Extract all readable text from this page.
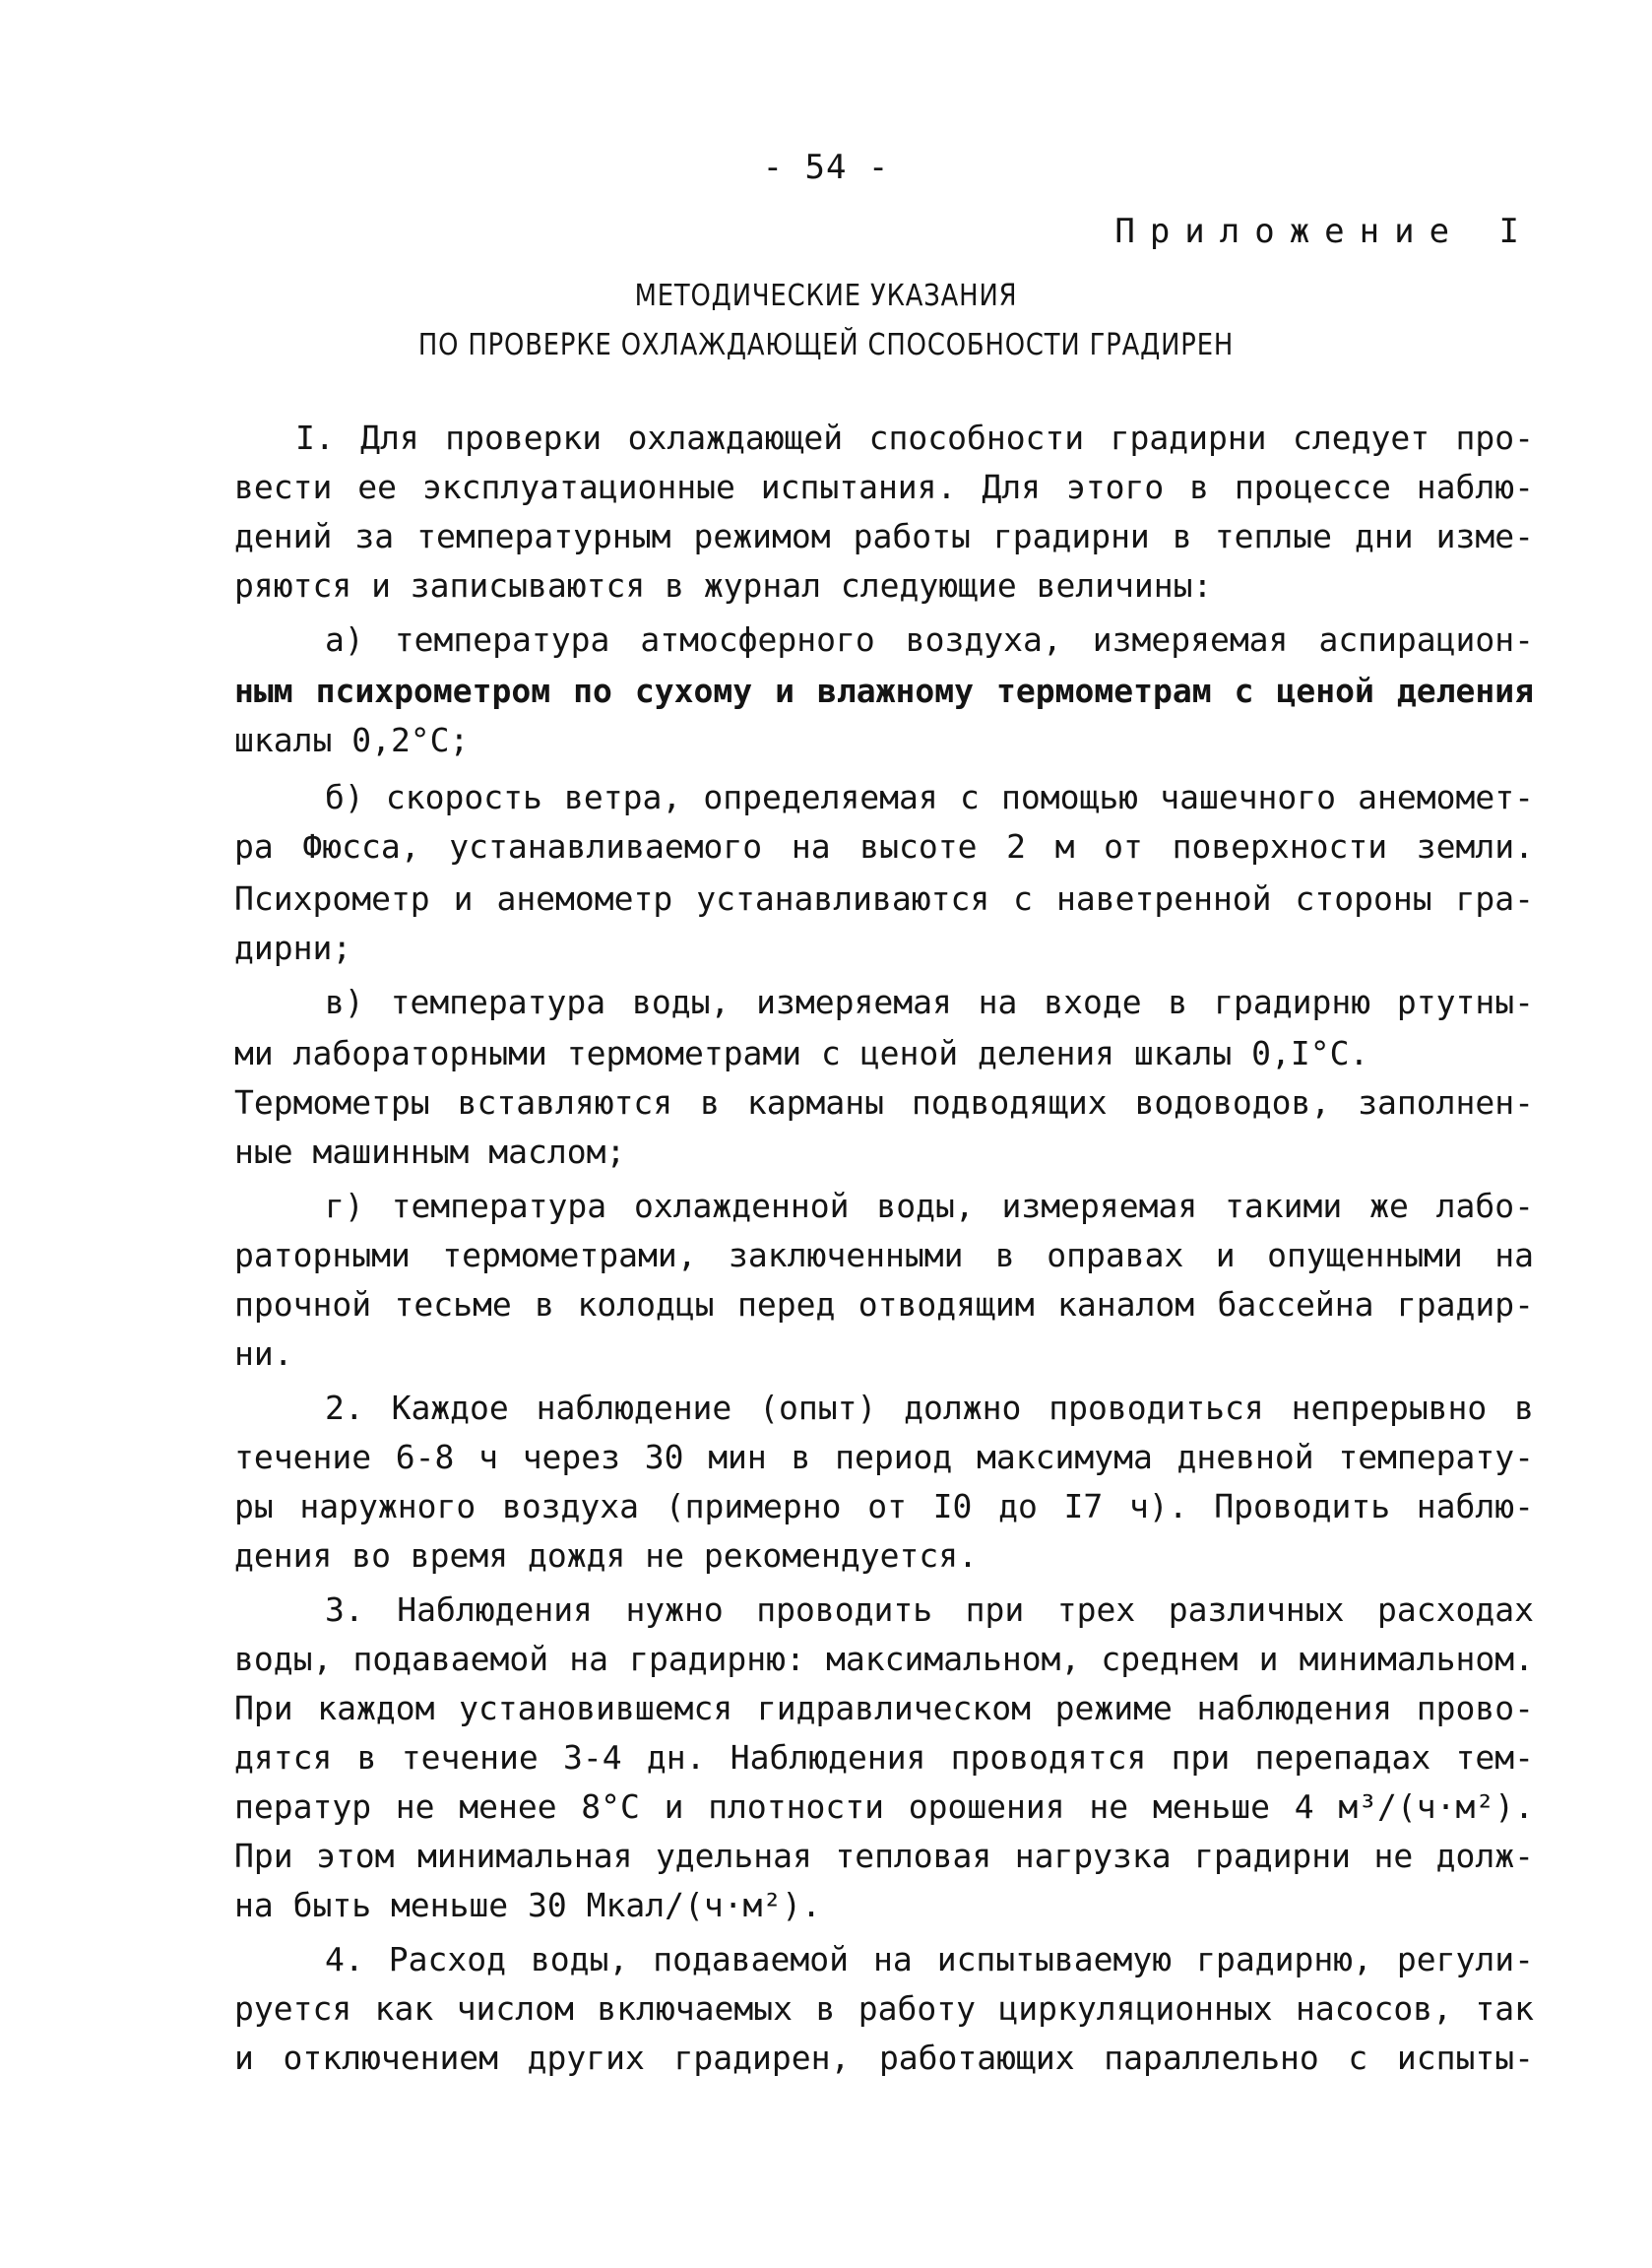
- 54 -
Приложение I
МЕТОДИЧЕСКИЕ УКАЗАНИЯ
ПО ПРОВЕРКЕ ОХЛАЖДАЮЩЕЙ СПОСОБНОСТИ ГРАДИРЕН
I. Для проверки охлаждающей способности градирни следует про-
вести ее эксплуатационные испытания. Для этого в процессе наблю-
дений за температурным режимом работы градирни в теплые дни изме-
ряются и записываются в журнал следующие величины:
а) температура атмосферного воздуха, измеряемая аспирацион-
ным психрометром по сухому и влажному термометрам с ценой деления
шкалы 0,2°С;
б) скорость ветра, определяемая с помощью чашечного анемомет-
ра Фюсса, устанавливаемого на высоте 2 м от поверхности земли.
Психрометр и анемометр устанавливаются с наветренной стороны гра-
дирни;
в) температура воды, измеряемая на входе в градирню ртутны-
ми лабораторными термометрами с ценой деления шкалы 0,I°С.
Термометры вставляются в карманы подводящих водоводов, заполнен-
ные машинным маслом;
г) температура охлажденной воды, измеряемая такими же лабо-
раторными термометрами, заключенными в оправах и опущенными на
прочной тесьме в колодцы перед отводящим каналом бассейна градир-
ни.
2. Каждое наблюдение (опыт) должно проводиться непрерывно в
течение 6-8 ч через 30 мин в период максимума дневной температу-
ры наружного воздуха (примерно от I0 до I7 ч). Проводить наблю-
дения во время дождя не рекомендуется.
3. Наблюдения нужно проводить при трех различных расходах
воды, подаваемой на градирню: максимальном, среднем и минимальном.
При каждом установившемся гидравлическом режиме наблюдения прово-
дятся в течение 3-4 дн. Наблюдения проводятся при перепадах тем-
ператур не менее 8°С и плотности орошения не меньше 4 м³/(ч·м²).
При этом минимальная удельная тепловая нагрузка градирни не долж-
на быть меньше 30 Мкал/(ч·м²).
4. Расход воды, подаваемой на испытываемую градирню, регули-
руется как числом включаемых в работу циркуляционных насосов, так
и отключением других градирен, работающих параллельно с испыты-
